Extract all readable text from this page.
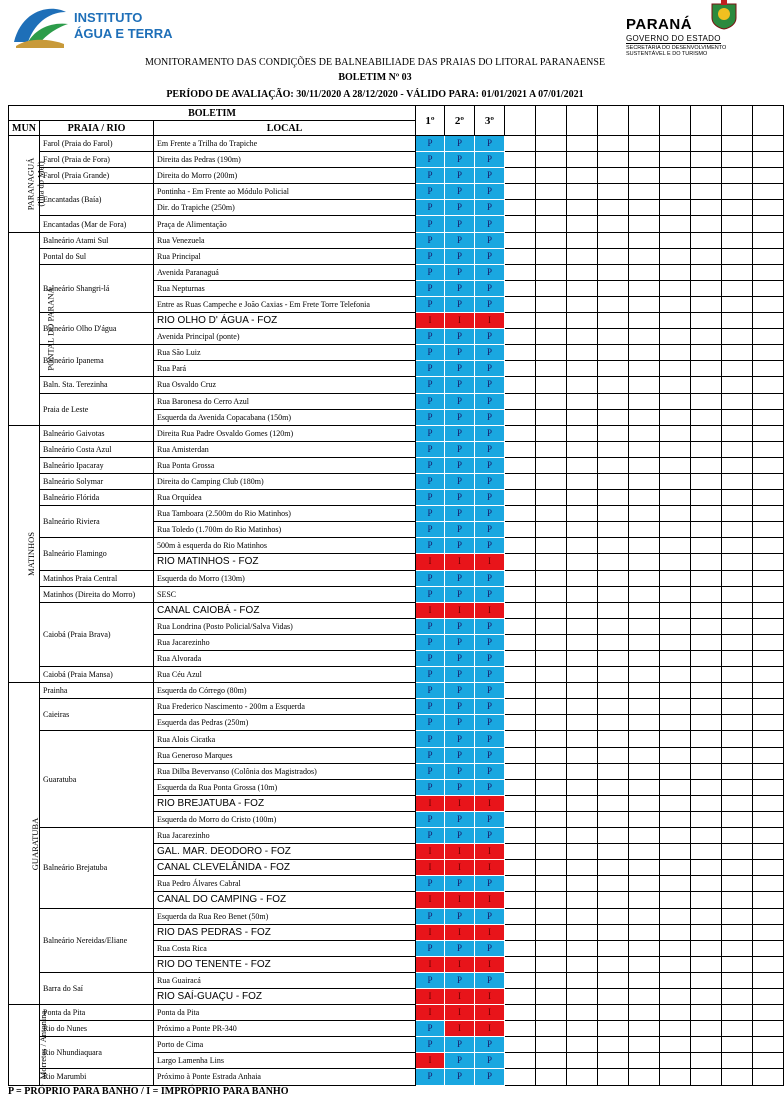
INSTITUTO
ÁGUA E TERRA
PARANÁ
GOVERNO DO ESTADO
SECRETARIA DO DESENVOLVIMENTO SUSTENTÁVEL E DO TURISMO
MONITORAMENTO DAS CONDIÇÕES DE BALNEABILIADE DAS PRAIAS DO LITORAL PARANAENSE
BOLETIM Nº 03
PERÍODO DE AVALIAÇÃO: 30/11/2020 A 28/12/2020 - VÁLIDO PARA: 01/01/2021 A 07/01/2021
BOLETIM			1º	2º	3º									
MUN	PRAIA / RIO	LOCAL												
PARANAGUÁ
(Ilha do Mel)	Farol (Praia do Farol)	Em Frente a Trilha do Trapiche	P	P	P									
	Farol (Praia de Fora)	Direita das Pedras (190m)	P	P	P									
	Farol (Praia Grande)	Direita do Morro (200m)	P	P	P									
	Encantadas (Baía)	Pontinha - Em Frente ao Módulo Policial	P	P	P									
		Dir. do Trapiche (250m)	P	P	P									
	Encantadas (Mar de Fora)	Praça de Alimentação	P	P	P									
PONTAL DO PARANÁ	Balneário Atami Sul	Rua Venezuela	P	P	P									
	Pontal do Sul	Rua Principal	P	P	P									
	Balneário Shangri-lá	Avenida Paranaguá	P	P	P									
		Rua Nepturnas	P	P	P									
		Entre as Ruas Campeche e João Caxias - Em Frete Torre Telefonia	P	P	P									
	Balneário Olho D'água	RIO OLHO D' ÁGUA - FOZ	I	I	I									
		Avenida Principal (ponte)	P	P	P									
	Balneário Ipanema	Rua São Luiz	P	P	P									
		Rua Pará	P	P	P									
	Baln. Sta. Terezinha	Rua Osvaldo Cruz	P	P	P									
	Praia de Leste	Rua Baronesa do Cerro Azul	P	P	P									
		Esquerda da Avenida Copacabana (150m)	P	P	P									
MATINHOS	Balneário Gaivotas	Direita Rua Padre Osvaldo Gomes (120m)	P	P	P									
	Balneário Costa Azul	Rua Amisterdan	P	P	P									
	Balneário Ipacaray	Rua Ponta Grossa	P	P	P									
	Balneário Solymar	Direita do Camping Club (180m)	P	P	P									
	Balneário Flórida	Rua Orquídea	P	P	P									
	Balneário Riviera	Rua Tamboara (2.500m do Rio Matinhos)	P	P	P									
		Rua Toledo (1.700m do Rio Matinhos)	P	P	P									
	Balneário Flamingo	500m à esquerda do Rio Matinhos	P	P	P									
		RIO MATINHOS - FOZ	I	I	I									
	Matinhos Praia Central	Esquerda do Morro (130m)	P	P	P									
	Matinhos (Direita do Morro)	SESC	P	P	P									
	Caiobá (Praia Brava)	CANAL CAIOBÁ - FOZ	I	I	I									
		Rua Londrina (Posto Policial/Salva Vidas)	P	P	P									
		Rua Jacarezinho	P	P	P									
		Rua Alvorada	P	P	P									
	Caiobá (Praia Mansa)	Rua Céu Azul	P	P	P									
GUARATUBA	Prainha	Esquerda do Córrego (80m)	P	P	P									
	Caieiras	Rua Frederico Nascimento - 200m a Esquerda	P	P	P									
		Esquerda das Pedras (250m)	P	P	P									
	Guaratuba	Rua Alois Cicatka	P	P	P									
		Rua Generoso Marques	P	P	P									
		Rua Dilba Bevervanso (Colônia dos Magistrados)	P	P	P									
		Esquerda da Rua Ponta Grossa (10m)	P	P	P									
		RIO BREJATUBA - FOZ	I	I	I									
		Esquerda do Morro do Cristo (100m)	P	P	P									
	Balneário Brejatuba	Rua Jacarezinho	P	P	P									
		GAL. MAR. DEODORO - FOZ	I	I	I									
		CANAL CLEVELÂNIDA - FOZ	I	I	I									
		Rua Pedro Álvares Cabral	P	P	P									
		CANAL DO CAMPING - FOZ	I	I	I									
	Balneário Nereidas/Eliane	Esquerda da Rua Reo Benet (50m)	P	P	P									
		RIO DAS PEDRAS - FOZ	I	I	I									
		Rua Costa Rica	P	P	P									
		RIO DO TENENTE - FOZ	I	I	I									
	Barra do Saí	Rua Guairacá	P	P	P									
		RIO SAÍ-GUAÇU - FOZ	I	I	I									
Morretes / Antonina	Ponta da Pita	Ponta da Pita	I	I	I									
	Rio do Nunes	Próximo a Ponte PR-340	P	I	I									
	Rio Nhundiaquara	Porto de Cima	P	P	P									
		Largo Lamenha Lins	I	P	P									
	Rio Marumbi	Próximo à Ponte Estrada Anhaia	P	P	P									
P = PRÓPRIO PARA BANHO / I = IMPRÓPRIO PARA BANHO
